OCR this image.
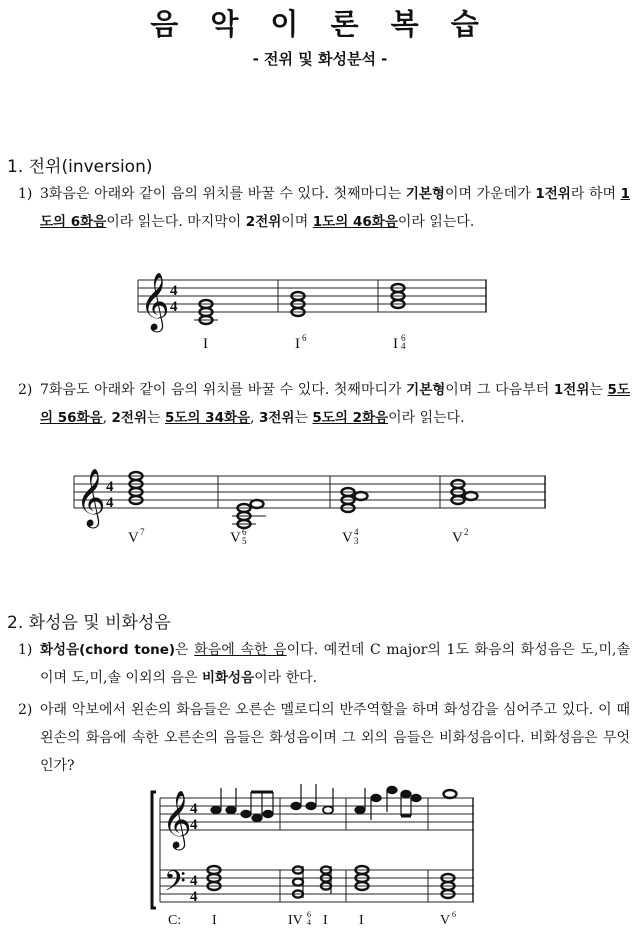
음 악 이 론 복 습
- 전위 및 화성분석 -
1. 전위(inversion)
1) 3화음은 아래와 같이 음의 위치를 바꿀 수 있다. 첫째마디는 기본형이며 가운데가 1전위라 하며 1도의 6화음이라 읽는다. 마지막이 2전위이며 1도의 46화음이라 읽는다.
𝄞 4
4
I	I 6	I 6
4
2) 7화음도 아래와 같이 음의 위치를 바꿀 수 있다. 첫째마디가 기본형이며 그 다음부터 1전위는 5도의 56화음, 2전위는 5도의 34화음, 3전위는 5도의 2화음이라 읽는다.
𝄞 4
4
V 7	V 6
5	V 4
3	V 2
2. 화성음 및 비화성음
1) 화성음(chord tone)은 화음에 속한 음이다. 예컨데 C major의 1도 화음의 화성음은 도,미,솔이며 도,미,솔 이외의 음은 비화성음이라 한다.
2) 아래 악보에서 왼손의 화음들은 오른손 멜로디의 반주역할을 하며 화성감을 심어주고 있다. 이 때 왼손의 화음에 속한 오른손의 음들은 화성음이며 그 외의 음들은 비화성음이다. 비화성음은 무엇인가?
𝄞
𝄢
4
4
4
4
C: I	IV 6
4 I I	V 6
